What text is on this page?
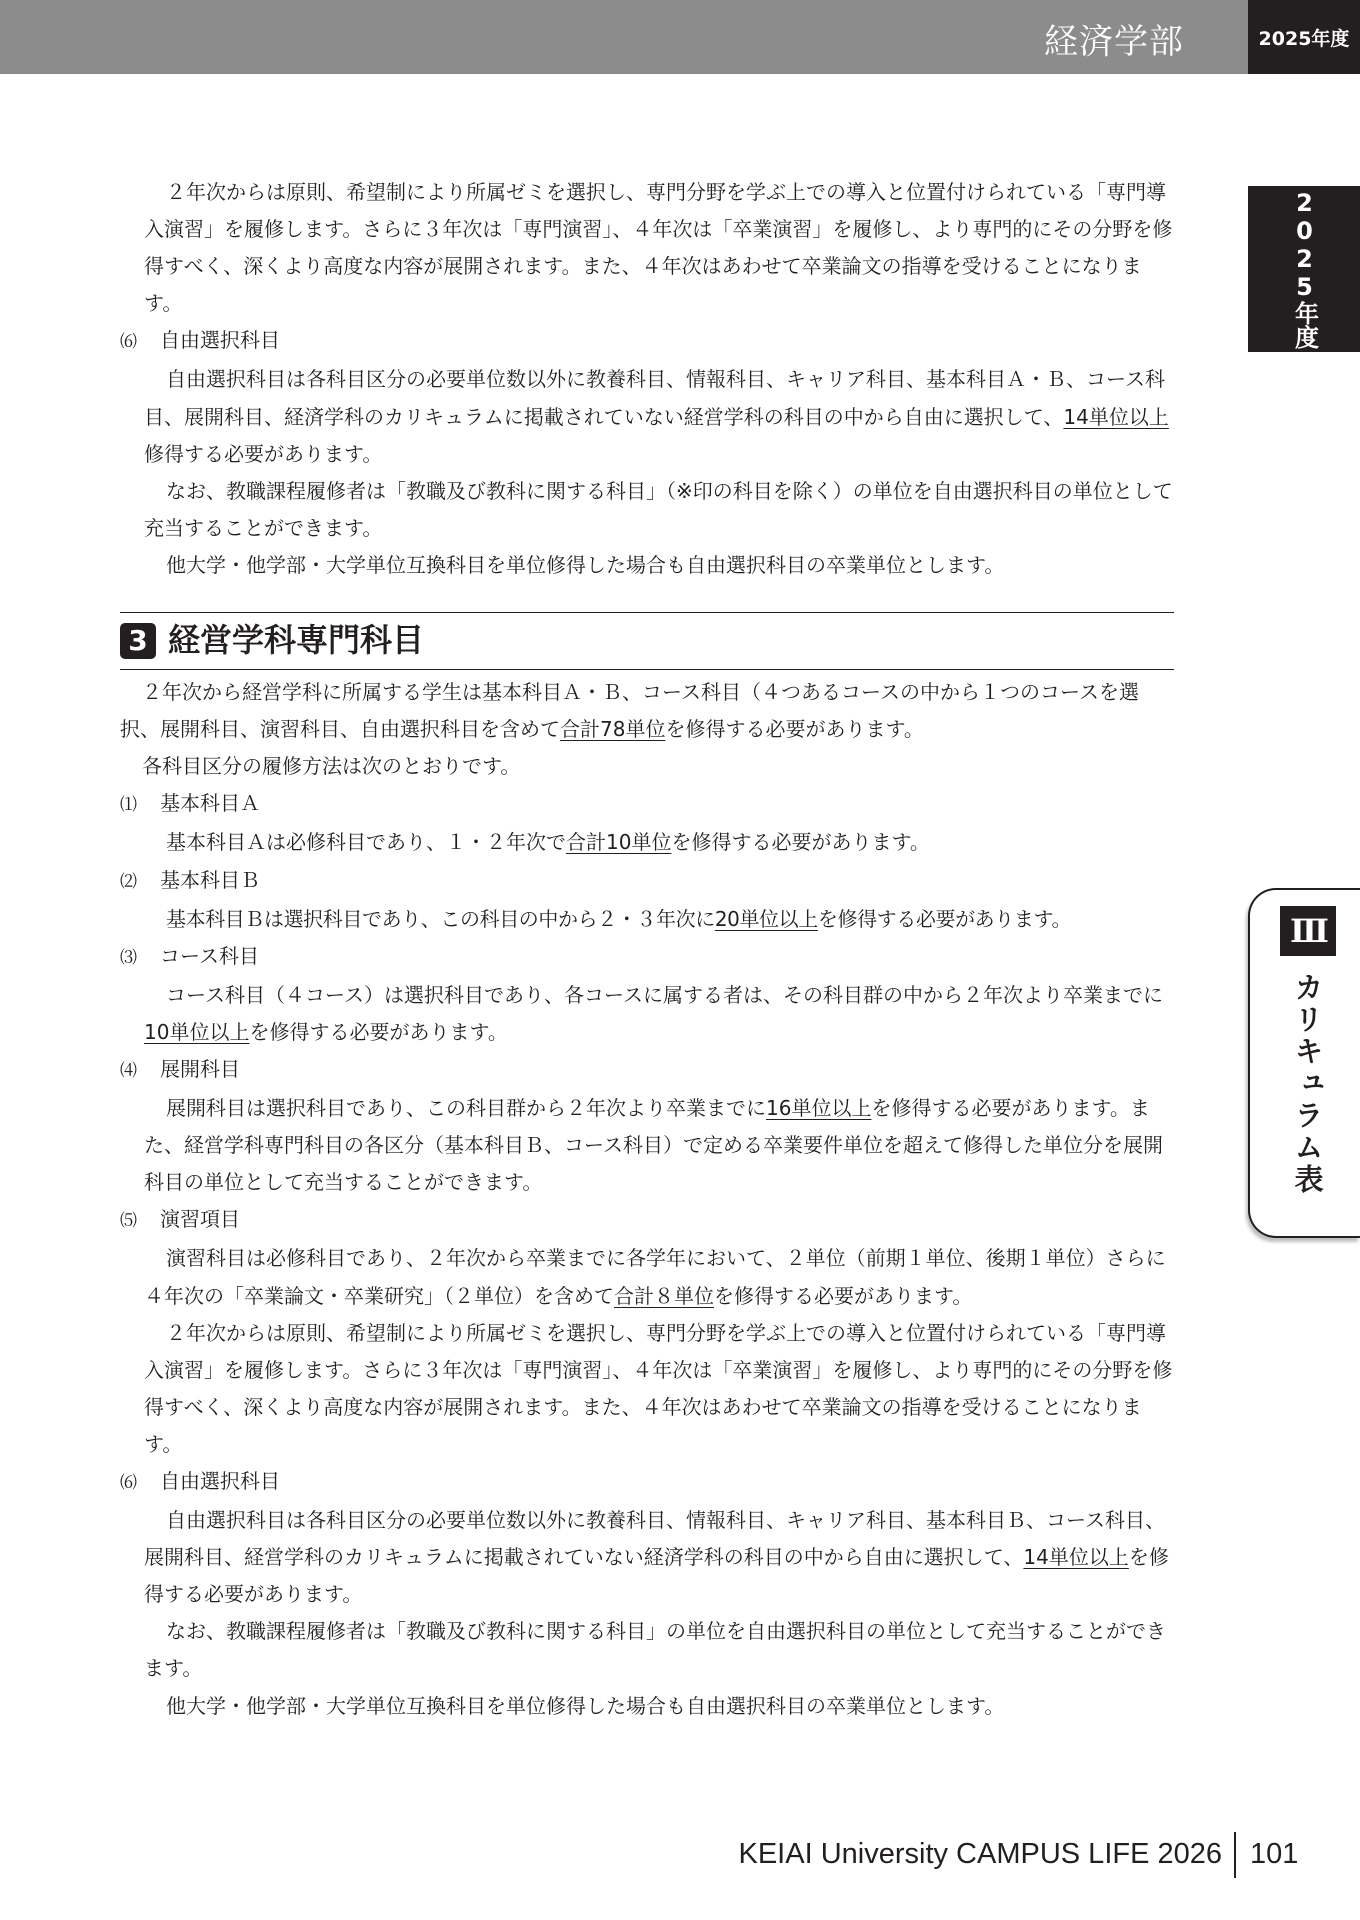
経済学部	2025年度
2025年度
Ⅲ
カリキュラム表

２年次からは原則、希望制により所属ゼミを選択し、専門分野を学ぶ上での導入と位置付けられている「専門導入演習」を履修します。さらに３年次は「専門演習」、４年次は「卒業演習」を履修し、より専門的にその分野を修得すべく、深くより高度な内容が展開されます。また、４年次はあわせて卒業論文の指導を受けることになります。

⑹ 自由選択科目

自由選択科目は各科目区分の必要単位数以外に教養科目、情報科目、キャリア科目、基本科目Ａ・Ｂ、コース科目、展開科目、経済学科のカリキュラムに掲載されていない経営学科の科目の中から自由に選択して、14単位以上修得する必要があります。

なお、教職課程履修者は「教職及び教科に関する科目」（※印の科目を除く）の単位を自由選択科目の単位として充当することができます。

他大学・他学部・大学単位互換科目を単位修得した場合も自由選択科目の卒業単位とします。

3 経営学科専門科目

２年次から経営学科に所属する学生は基本科目Ａ・Ｂ、コース科目（４つあるコースの中から１つのコースを選択、展開科目、演習科目、自由選択科目を含めて合計78単位を修得する必要があります。

各科目区分の履修方法は次のとおりです。

⑴ 基本科目Ａ

基本科目Ａは必修科目であり、１・２年次で合計10単位を修得する必要があります。

⑵ 基本科目Ｂ

基本科目Ｂは選択科目であり、この科目の中から２・３年次に20単位以上を修得する必要があります。

⑶ コース科目

コース科目（４コース）は選択科目であり、各コースに属する者は、その科目群の中から２年次より卒業までに10単位以上を修得する必要があります。

⑷ 展開科目

展開科目は選択科目であり、この科目群から２年次より卒業までに16単位以上を修得する必要があります。また、経営学科専門科目の各区分（基本科目Ｂ、コース科目）で定める卒業要件単位を超えて修得した単位分を展開科目の単位として充当することができます。

⑸ 演習項目

演習科目は必修科目であり、２年次から卒業までに各学年において、２単位（前期１単位、後期１単位）さらに４年次の「卒業論文・卒業研究」（２単位）を含めて合計８単位を修得する必要があります。

２年次からは原則、希望制により所属ゼミを選択し、専門分野を学ぶ上での導入と位置付けられている「専門導入演習」を履修します。さらに３年次は「専門演習」、４年次は「卒業演習」を履修し、より専門的にその分野を修得すべく、深くより高度な内容が展開されます。また、４年次はあわせて卒業論文の指導を受けることになります。

⑹ 自由選択科目

自由選択科目は各科目区分の必要単位数以外に教養科目、情報科目、キャリア科目、基本科目Ｂ、コース科目、展開科目、経営学科のカリキュラムに掲載されていない経済学科の科目の中から自由に選択して、14単位以上を修得する必要があります。

なお、教職課程履修者は「教職及び教科に関する科目」の単位を自由選択科目の単位として充当することができます。

他大学・他学部・大学単位互換科目を単位修得した場合も自由選択科目の卒業単位とします。

KEIAI University CAMPUS LIFE 2026 101
